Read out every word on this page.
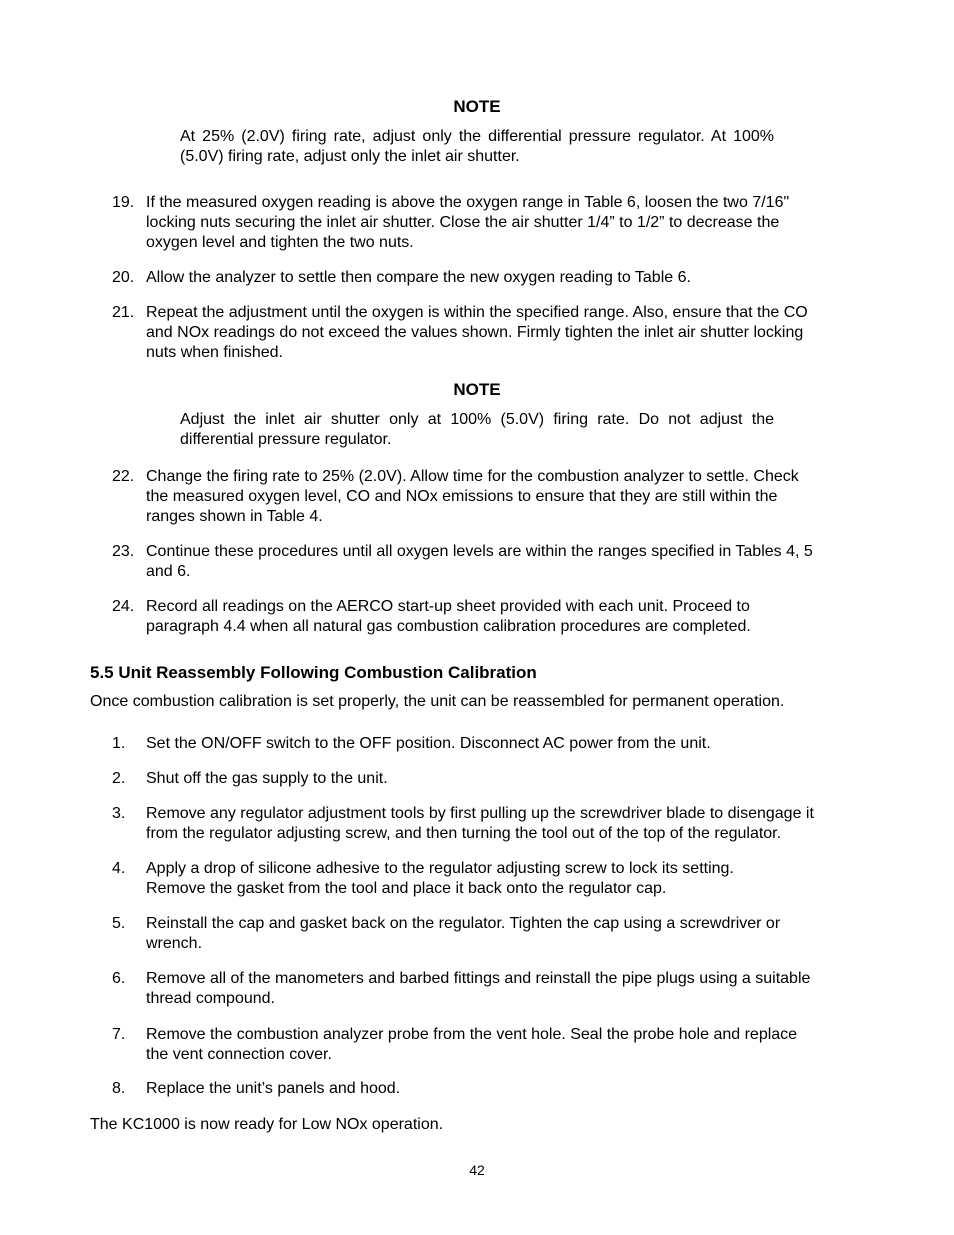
NOTE
At 25% (2.0V) firing rate, adjust only the differential pressure regulator. At 100% (5.0V) firing rate, adjust only the inlet air shutter.
19. If the measured oxygen reading is above the oxygen range in Table 6, loosen the two 7/16"
locking nuts securing the inlet air shutter. Close the air shutter 1/4” to 1/2” to decrease the
oxygen level and tighten the two nuts.
20. Allow the analyzer to settle then compare the new oxygen reading to Table 6.
21. Repeat the adjustment until the oxygen is within the specified range. Also, ensure that the CO
and NOx readings do not exceed the values shown. Firmly tighten the inlet air shutter locking
nuts when finished.
NOTE
Adjust the inlet air shutter only at 100% (5.0V) firing rate. Do not adjust the differential pressure regulator.
22. Change the firing rate to 25% (2.0V). Allow time for the combustion analyzer to settle. Check
the measured oxygen level, CO and NOx emissions to ensure that they are still within the
ranges shown in Table 4.
23. Continue these procedures until all oxygen levels are within the ranges specified in Tables 4, 5
and 6.
24. Record all readings on the AERCO start-up sheet provided with each unit. Proceed to
paragraph 4.4 when all natural gas combustion calibration procedures are completed.
5.5 Unit Reassembly Following Combustion Calibration
Once combustion calibration is set properly, the unit can be reassembled for permanent operation.
1.	Set the ON/OFF switch to the OFF position. Disconnect AC power from the unit.
2.	Shut off the gas supply to the unit.
3.	Remove any regulator adjustment tools by first pulling up the screwdriver blade to disengage it
from the regulator adjusting screw, and then turning the tool out of the top of the regulator.
4.	Apply a drop of silicone adhesive to the regulator adjusting screw to lock its setting.
Remove the gasket from the tool and place it back onto the regulator cap.
5.	Reinstall the cap and gasket back on the regulator. Tighten the cap using a screwdriver or
wrench.
6.	Remove all of the manometers and barbed fittings and reinstall the pipe plugs using a suitable
thread compound.
7.	Remove the combustion analyzer probe from the vent hole. Seal the probe hole and replace
the vent connection cover.
8.	Replace the unit’s panels and hood.
The KC1000 is now ready for Low NOx operation.
42
